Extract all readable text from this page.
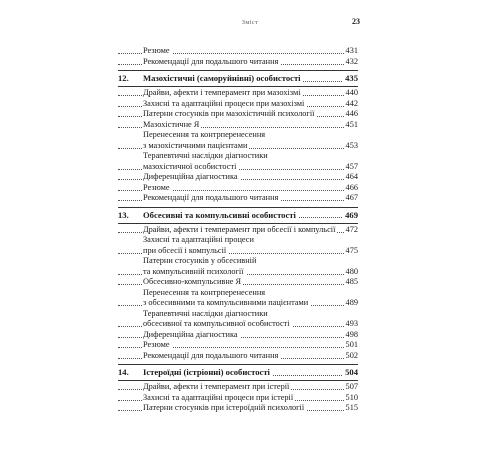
Зміст	23
Резюме	431
Рекомендації для подальшого читання	432
12. Мазохістичні (саморуйнівні) особистості	435
Драйви, афекти і темперамент при мазохізмі	440
Захисні та адаптаційні процеси при мазохізмі	442
Патерни стосунків при мазохістичній психології	446
Мазохістичне Я	451
Перенесення та контрперенесення
з мазохістичними пацієнтами	453
Терапевтичні наслідки діагностики
мазохістичної особистості	457
Диференційна діагностика	464
Резюме	466
Рекомендації для подальшого читання	467
13. Обсесивні та компульсивні особистості	469
Драйви, афекти і темперамент при обсесії і компульсії 472
Захисні та адаптаційні процеси
при обсесії і компульсії	475
Патерни стосунків у обсесивній
та компульсивній психології	480
Обсесивно-компульсивне Я	485
Перенесення та контрперенесення
з обсесивними та компульсивними пацієнтами	489
Терапевтичні наслідки діагностики
обсесивної та компульсивної особистості	493
Диференційна діагностика	498
Резюме	501
Рекомендації для подальшого читання	502
14. Істероїдні (істріонні) особистості	504
Драйви, афекти і темперамент при істерії	507
Захисні та адаптаційні процеси при істерії	510
Патерни стосунків при істероїдній психології	515
